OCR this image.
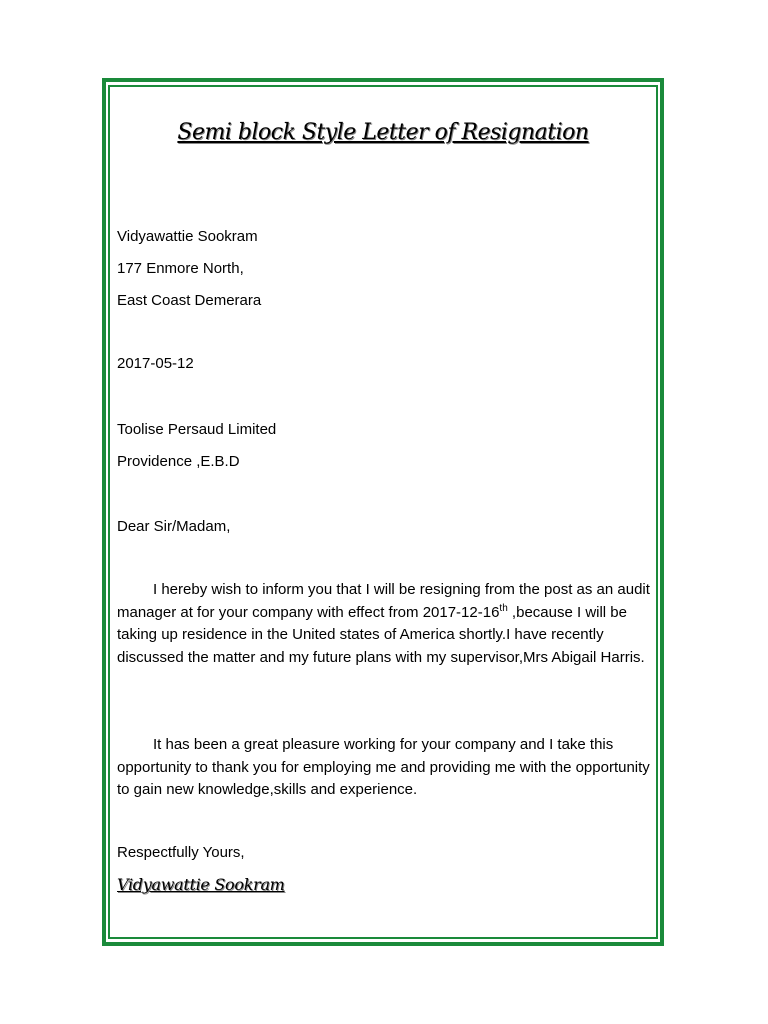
Semi block Style Letter of Resignation
Vidyawattie Sookram
177 Enmore North,
East Coast Demerara
2017-05-12
Toolise Persaud Limited
Providence ,E.B.D
Dear Sir/Madam,
I hereby wish to inform you that I will be resigning from the post as an audit manager at for your company with effect from 2017-12-16th ,because I will be taking up residence in the United states of America shortly.I have recently discussed the matter and my future plans with my supervisor,Mrs Abigail Harris.
It has been a great pleasure working for your company and I take this opportunity to thank you for employing me and providing me with the opportunity to gain new knowledge,skills and experience.
Respectfully Yours,
Vidyawattie Sookram
